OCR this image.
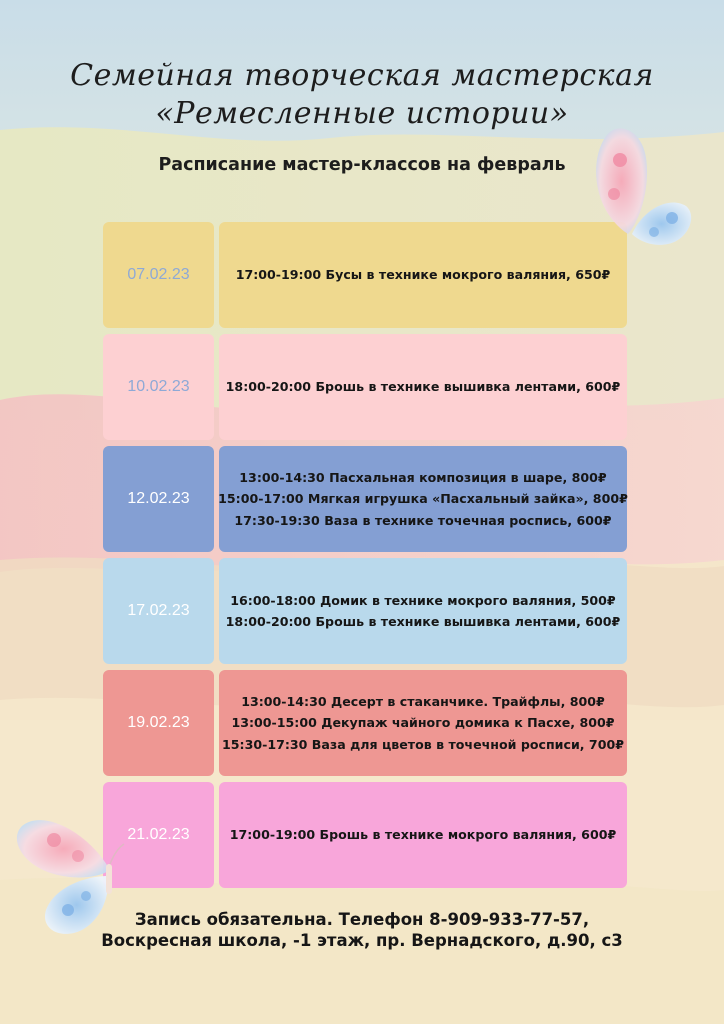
Семейная творческая мастерская
«Ремесленные истории»
Расписание мастер-классов на февраль
07.02.23	17:00-19:00 Бусы в технике мокрого валяния, 650₽
10.02.23	18:00-20:00 Брошь в технике вышивка лентами, 600₽
12.02.23
13:00-14:30 Пасхальная композиция в шаре, 800₽
15:00-17:00 Мягкая игрушка «Пасхальный зайка», 800₽
17:30-19:30 Ваза в технике точечная роспись, 600₽
17.02.23
16:00-18:00 Домик в технике мокрого валяния, 500₽
18:00-20:00 Брошь в технике вышивка лентами, 600₽
19.02.23
13:00-14:30 Десерт в стаканчике. Трайфлы, 800₽
13:00-15:00 Декупаж чайного домика к Пасхе, 800₽
15:30-17:30 Ваза для цветов в точечной росписи, 700₽
21.02.23	17:00-19:00 Брошь в технике мокрого валяния, 600₽
Запись обязательна. Телефон 8-909-933-77-57,
Воскресная школа, -1 этаж, пр. Вернадского, д.90, с3
